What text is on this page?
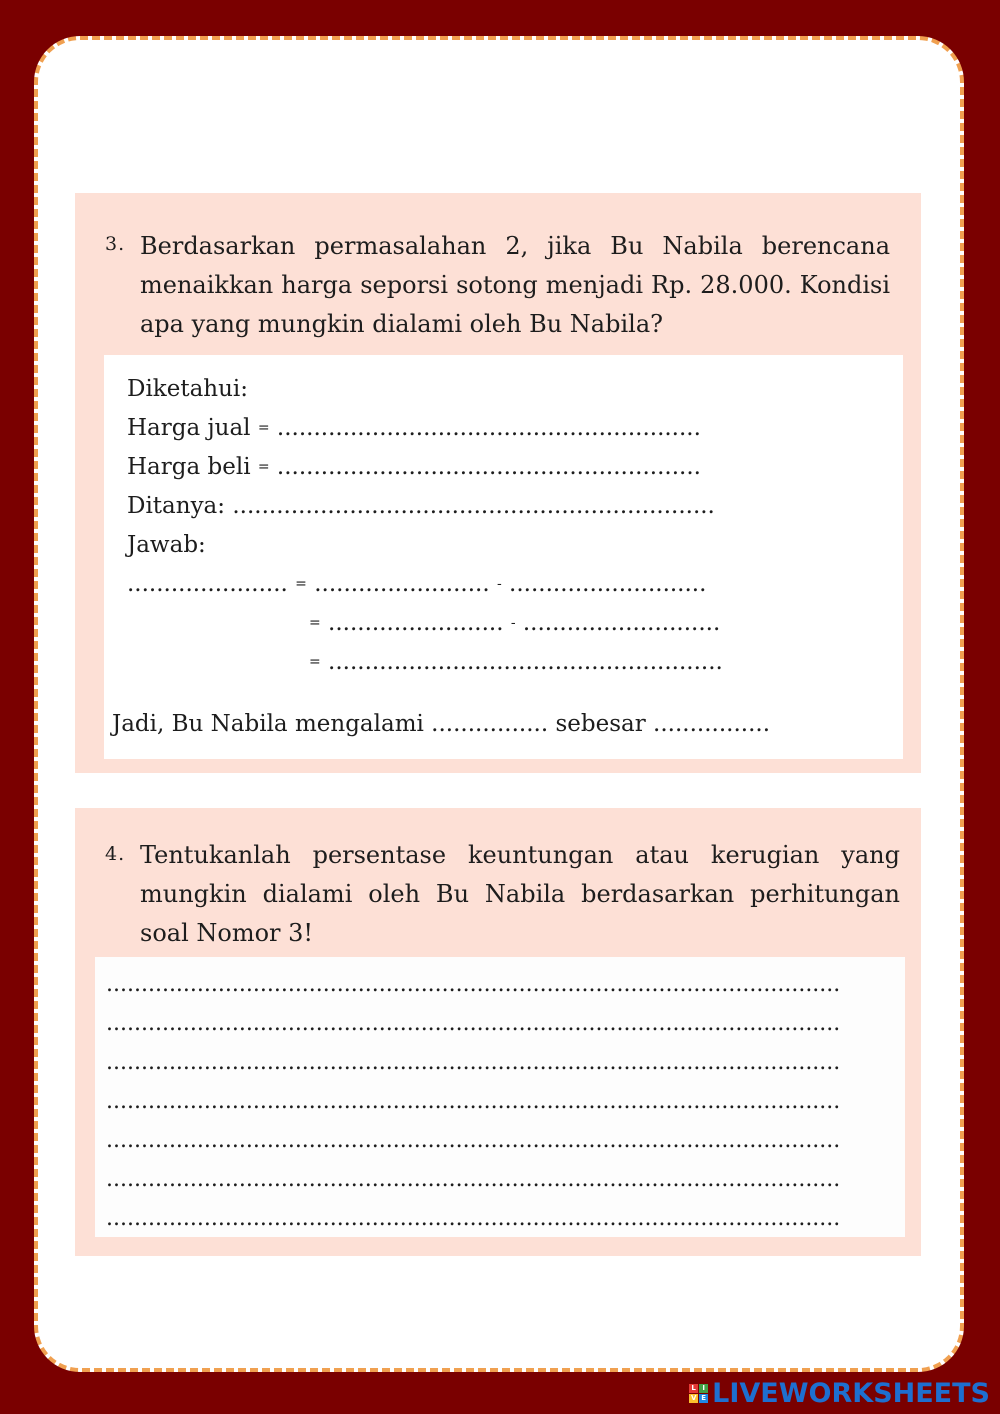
3. Berdasarkan permasalahan 2, jika Bu Nabila berencana menaikkan harga seporsi sotong menjadi Rp. 28.000. Kondisi apa yang mungkin dialami oleh Bu Nabila?
Diketahui:
Harga jual = ..........................................................
Harga beli = ..........................................................
Ditanya: ..................................................................
Jawab:
...................... = ........................ - ...........................
= ........................ - ...........................
= ......................................................
Jadi, Bu Nabila mengalami ................ sebesar ................
4. Tentukanlah persentase keuntungan atau kerugian yang mungkin dialami oleh Bu Nabila berdasarkan perhitungan soal Nomor 3!
.........................................................................................................
.........................................................................................................
.........................................................................................................
.........................................................................................................
.........................................................................................................
.........................................................................................................
.........................................................................................................
L I
V E LIVEWORKSHEETS
